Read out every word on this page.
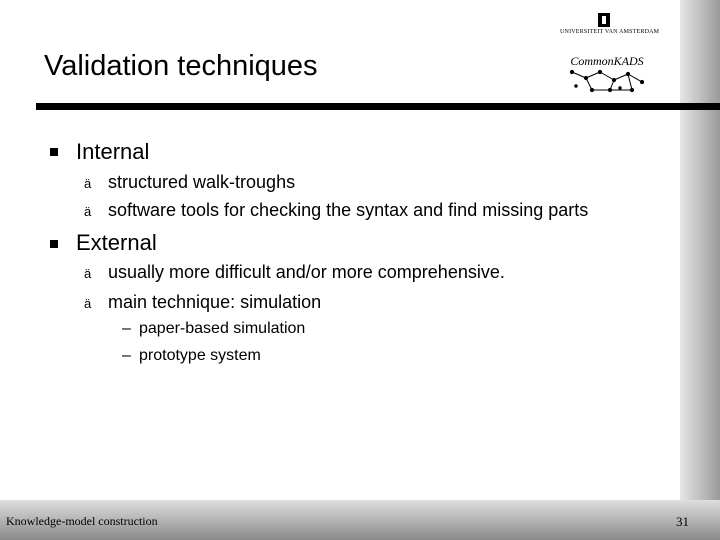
Validation techniques
UNIVERSITEIT VAN AMSTERDAM
CommonKADS
Internal
ä structured walk-troughs
ä software tools for checking the syntax and find missing parts
External
ä usually more difficult and/or more comprehensive.
ä main technique: simulation
– paper-based simulation
– prototype system
Knowledge-model construction	31
